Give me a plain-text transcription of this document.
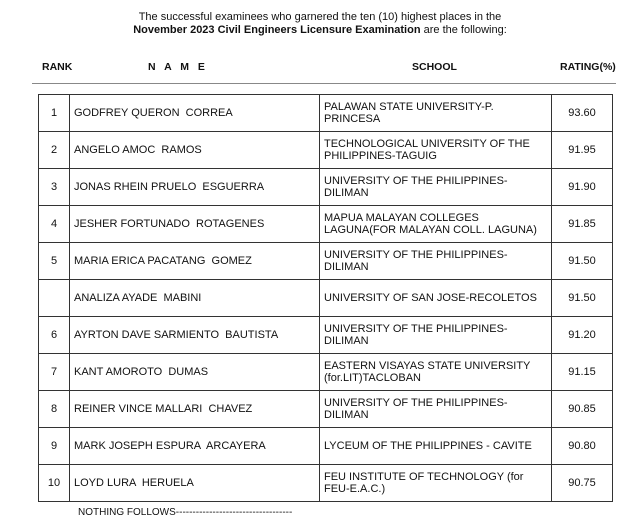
The successful examinees who garnered the ten (10) highest places in the
November 2023 Civil Engineers Licensure Examination are the following:
RANK	N A M E	SCHOOL	RATING(%)
1	GODFREY QUERON  CORREA	PALAWAN STATE UNIVERSITY-P. PRINCESA	93.60
2	ANGELO AMOC  RAMOS	TECHNOLOGICAL UNIVERSITY OF THE PHILIPPINES-TAGUIG	91.95
3	JONAS RHEIN PRUELO  ESGUERRA	UNIVERSITY OF THE PHILIPPINES-DILIMAN	91.90
4	JESHER FORTUNADO  ROTAGENES	MAPUA MALAYAN COLLEGES LAGUNA(FOR MALAYAN COLL. LAGUNA)	91.85
5	MARIA ERICA PACATANG  GOMEZ	UNIVERSITY OF THE PHILIPPINES-DILIMAN	91.50
	ANALIZA AYADE  MABINI	UNIVERSITY OF SAN JOSE-RECOLETOS	91.50
6	AYRTON DAVE SARMIENTO  BAUTISTA	UNIVERSITY OF THE PHILIPPINES-DILIMAN	91.20
7	KANT AMOROTO  DUMAS	EASTERN VISAYAS STATE UNIVERSITY (for.LIT)TACLOBAN	91.15
8	REINER VINCE MALLARI  CHAVEZ	UNIVERSITY OF THE PHILIPPINES-DILIMAN	90.85
9	MARK JOSEPH ESPURA  ARCAYERA	LYCEUM OF THE PHILIPPINES - CAVITE	90.80
10	LOYD LURA  HERUELA	FEU INSTITUTE OF TECHNOLOGY (for FEU-E.A.C.)	90.75
NOTHING FOLLOWS-----------------------------------
